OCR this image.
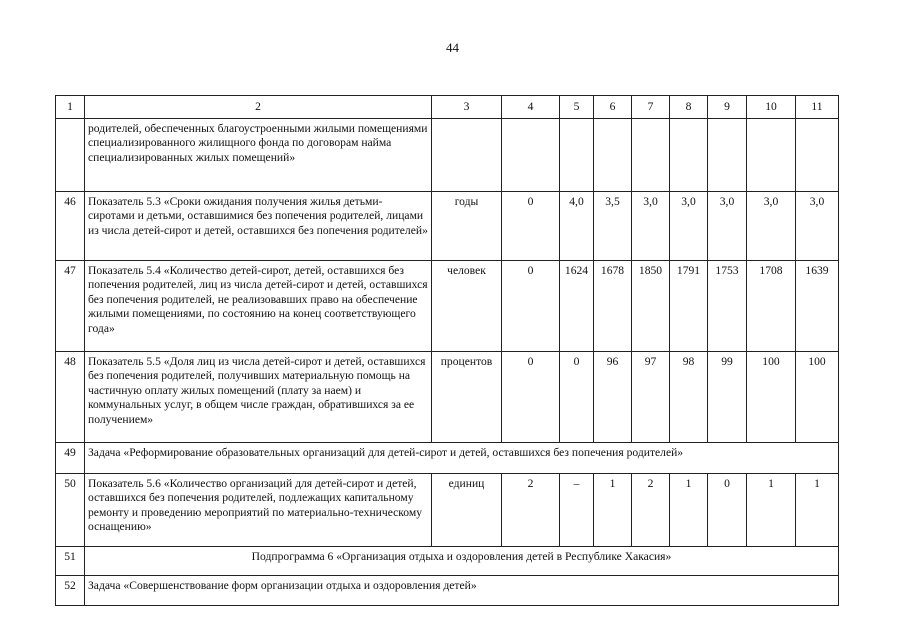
44
1	2	3	4	5	6	7	8	9	10	11
	родителей, обеспеченных благоустроенными жилыми помещениями специализированного жилищного фонда по договорам найма специализированных жилых помещений»									
46	Показатель 5.3 «Сроки ожидания получения жилья детьми-сиротами и детьми, оставшимися без попечения родителей, лицами из числа детей-сирот и детей, оставшихся без попечения родителей»	годы	0	4,0	3,5	3,0	3,0	3,0	3,0	3,0
47	Показатель 5.4 «Количество детей-сирот, детей, оставшихся без попечения родителей, лиц из числа детей-сирот и детей, оставшихся без попечения родителей, не реализовавших право на обеспечение жилыми помещениями, по состоянию на конец соответствующего года»	человек	0	1624	1678	1850	1791	1753	1708	1639
48	Показатель 5.5 «Доля лиц из числа детей-сирот и детей, оставшихся без попечения родителей, получивших материальную помощь на частичную оплату жилых помещений (плату за наем) и коммунальных услуг, в общем числе граждан, обратившихся за ее получением»	процентов	0	0	96	97	98	99	100	100
49	Задача «Реформирование образовательных организаций для детей-сирот и детей, оставшихся без попечения родителей»									
50	Показатель 5.6 «Количество организаций для детей-сирот и детей, оставшихся без попечения родителей, подлежащих капитальному ремонту и проведению мероприятий по материально-техническому оснащению»	единиц	2	–	1	2	1	0	1	1
51	Подпрограмма 6 «Организация отдыха и оздоровления детей в Республике Хакасия»									
52	Задача «Совершенствование форм организации отдыха и оздоровления детей»									
